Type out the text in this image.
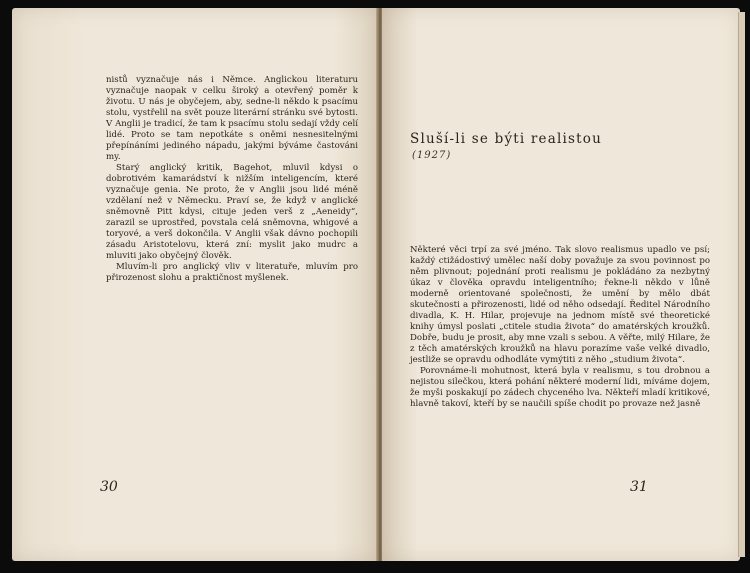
nistů vyznačuje nás i Němce. Anglickou literaturu vyznačuje naopak v celku široký a otevřený poměr k životu. U nás je obyčejem, aby, sedne-li někdo k psacímu stolu, vystřelil na svět pouze literární stránku své bytosti. V Anglii je tradicí, že tam k psacímu stolu sedají vždy celí lidé. Proto se tam nepotkáte s oněmi nesnesitelnými přepínáními jediného nápadu, jakými býváme častováni my.

Starý anglický kritik, Bagehot, mluvil kdysi o dobrotivém kamarádství k nižším inteligencím, které vyznačuje genia. Ne proto, že v Anglii jsou lidé méně vzdělaní než v Německu. Praví se, že když v anglické sněmovně Pitt kdysi, cituje jeden verš z „Aeneidy“, zarazil se uprostřed, povstala celá sněmovna, whigové a toryové, a verš dokončila. V Anglii však dávno pochopili zásadu Aristotelovu, která zní: myslit jako mudrc a mluviti jako obyčejný člověk.

Mluvím-li pro anglický vliv v literatuře, mluvím pro přirozenost slohu a praktičnost myšlenek.

30
Sluší-li se býti realistou
(1927)

Některé věci trpí za své jméno. Tak slovo realismus upadlo ve psí; každý ctižádostivý umělec naší doby považuje za svou povinnost po něm plivnout; pojednání proti realismu je pokládáno za nezbytný úkaz v člověka opravdu inteligentního; řekne-li někdo v lůně moderně orientované společnosti, že umění by mělo dbát skutečnosti a přirozenosti, lidé od něho odsedají. Ředitel Národního divadla, K. H. Hilar, projevuje na jednom místě své theoretické knihy úmysl poslati „ctitele studia života“ do amatérských kroužků. Dobře, budu je prosit, aby mne vzali s sebou. A věřte, milý Hilare, že z těch amatérských kroužků na hlavu porazíme vaše velké divadlo, jestliže se opravdu odhodláte vymýtiti z něho „studium života“.

Porovnáme-li mohutnost, která byla v realismu, s tou drobnou a nejistou silečkou, která pohání některé moderní lidi, míváme dojem, že myši poskakují po zádech chyceného lva. Někteří mladí kritikové, hlavně takoví, kteří by se naučili spíše chodit po provaze než jasně

31
